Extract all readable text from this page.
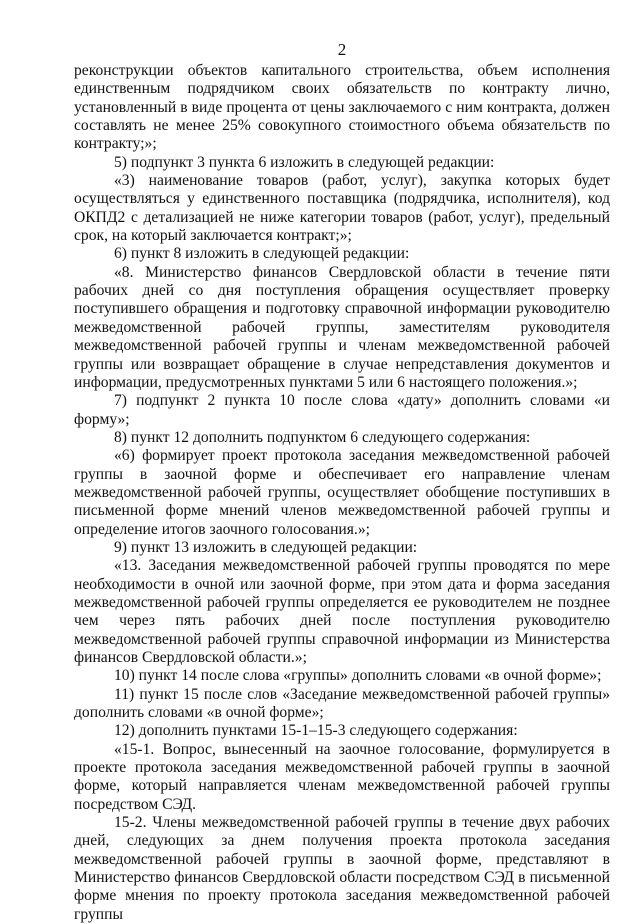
2

реконструкции объектов капитального строительства, объем исполнения единственным подрядчиком своих обязательств по контракту лично, установленный в виде процента от цены заключаемого с ним контракта, должен составлять не менее 25% совокупного стоимостного объема обязательств по контракту;»;

5) подпункт 3 пункта 6 изложить в следующей редакции:

«3) наименование товаров (работ, услуг), закупка которых будет осуществляться у единственного поставщика (подрядчика, исполнителя), код ОКПД2 с детализацией не ниже категории товаров (работ, услуг), предельный срок, на который заключается контракт;»;

6) пункт 8 изложить в следующей редакции:

«8. Министерство финансов Свердловской области в течение пяти рабочих дней со дня поступления обращения осуществляет проверку поступившего обращения и подготовку справочной информации руководителю межведомственной рабочей группы, заместителям руководителя межведомственной рабочей группы и членам межведомственной рабочей группы или возвращает обращение в случае непредставления документов и информации, предусмотренных пунктами 5 или 6 настоящего положения.»;

7) подпункт 2 пункта 10 после слова «дату» дополнить словами «и форму»;

8) пункт 12 дополнить подпунктом 6 следующего содержания:

«6) формирует проект протокола заседания межведомственной рабочей группы в заочной форме и обеспечивает его направление членам межведомственной рабочей группы, осуществляет обобщение поступивших в письменной форме мнений членов межведомственной рабочей группы и определение итогов заочного голосования.»;

9) пункт 13 изложить в следующей редакции:

«13. Заседания межведомственной рабочей группы проводятся по мере необходимости в очной или заочной форме, при этом дата и форма заседания межведомственной рабочей группы определяется ее руководителем не позднее чем через пять рабочих дней после поступления руководителю межведомственной рабочей группы справочной информации из Министерства финансов Свердловской области.»;

10) пункт 14 после слова «группы» дополнить словами «в очной форме»;

11) пункт 15 после слов «Заседание межведомственной рабочей группы» дополнить словами «в очной форме»;

12) дополнить пунктами 15-1–15-3 следующего содержания:

«15-1. Вопрос, вынесенный на заочное голосование, формулируется в проекте протокола заседания межведомственной рабочей группы в заочной форме, который направляется членам межведомственной рабочей группы посредством СЭД.

15-2. Члены межведомственной рабочей группы в течение двух рабочих дней, следующих за днем получения проекта протокола заседания межведомственной рабочей группы в заочной форме, представляют в Министерство финансов Свердловской области посредством СЭД в письменной форме мнения по проекту протокола заседания межведомственной рабочей группы
